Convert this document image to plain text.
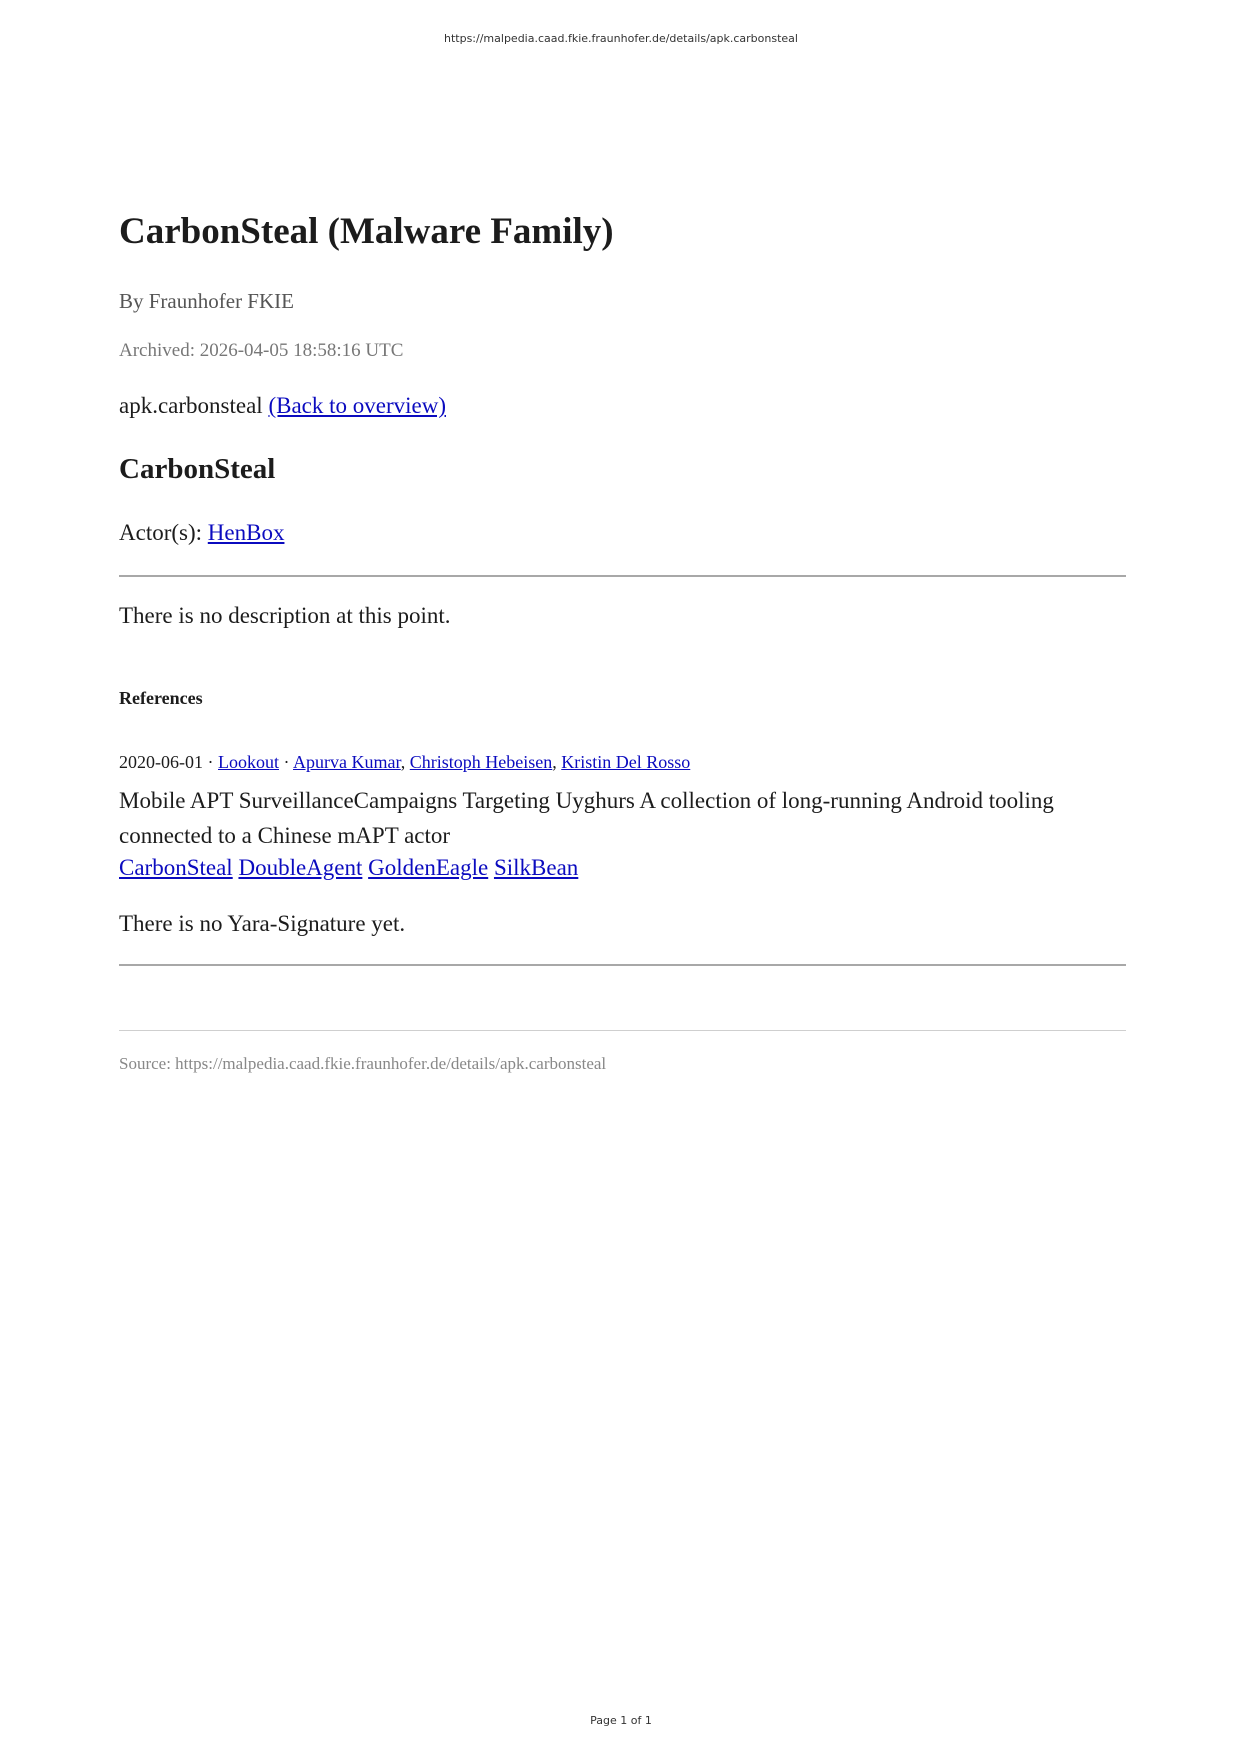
https://malpedia.caad.fkie.fraunhofer.de/details/apk.carbonsteal
CarbonSteal (Malware Family)
By Fraunhofer FKIE
Archived: 2026-04-05 18:58:16 UTC
apk.carbonsteal (Back to overview)
CarbonSteal
Actor(s): HenBox
There is no description at this point.
References
2020-06-01 · Lookout · Apurva Kumar, Christoph Hebeisen, Kristin Del Rosso
Mobile APT SurveillanceCampaigns Targeting Uyghurs A collection of long-running Android tooling connected to a Chinese mAPT actor
CarbonSteal DoubleAgent GoldenEagle SilkBean
There is no Yara-Signature yet.
Source: https://malpedia.caad.fkie.fraunhofer.de/details/apk.carbonsteal
Page 1 of 1
